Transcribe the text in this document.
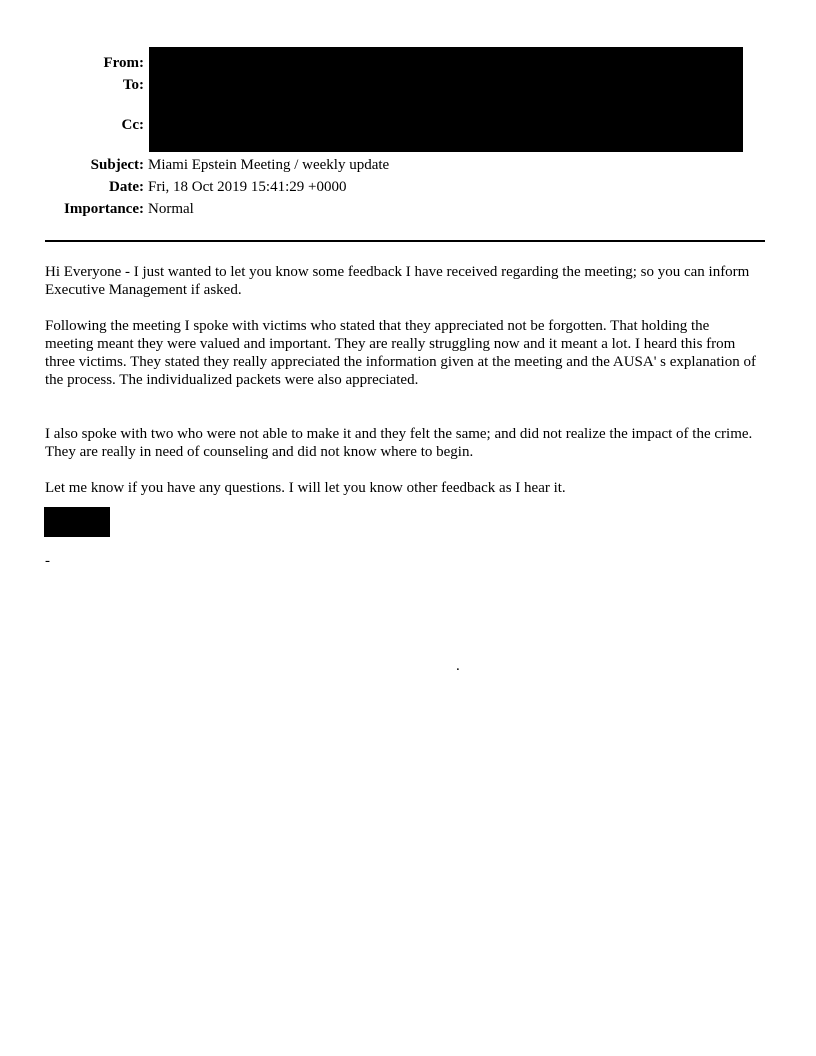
From:
To:
Cc:
Subject: Miami Epstein Meeting / weekly update
Date: Fri, 18 Oct 2019 15:41:29 +0000
Importance: Normal

Hi Everyone - I just wanted to let you know some feedback I have received regarding the meeting; so you can inform Executive Management if asked.

Following the meeting I spoke with victims who stated that they appreciated not be forgotten. That holding the meeting meant they were valued and important. They are really struggling now and it meant a lot. I heard this from three victims. They stated they really appreciated the information given at the meeting and the AUSA' s explanation of the process. The individualized packets were also appreciated.

I also spoke with two who were not able to make it and they felt the same; and did not realize the impact of the crime. They are really in need of counseling and did not know where to begin.

Let me know if you have any questions. I will let you know other feedback as I hear it.

-
.
